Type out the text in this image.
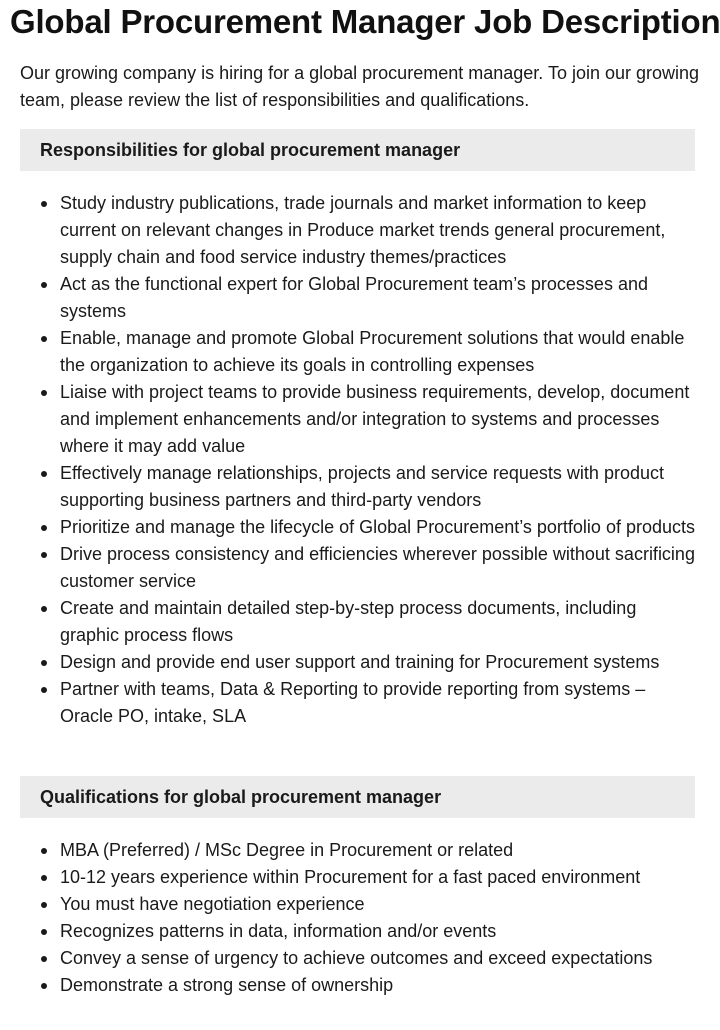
Global Procurement Manager Job Description

Our growing company is hiring for a global procurement manager. To join our growing team, please review the list of responsibilities and qualifications.

Responsibilities for global procurement manager
Study industry publications, trade journals and market information to keep current on relevant changes in Produce market trends general procurement, supply chain and food service industry themes/practices
Act as the functional expert for Global Procurement team’s processes and systems
Enable, manage and promote Global Procurement solutions that would enable the organization to achieve its goals in controlling expenses
Liaise with project teams to provide business requirements, develop, document and implement enhancements and/or integration to systems and processes where it may add value
Effectively manage relationships, projects and service requests with product supporting business partners and third-party vendors
Prioritize and manage the lifecycle of Global Procurement’s portfolio of products
Drive process consistency and efficiencies wherever possible without sacrificing customer service
Create and maintain detailed step-by-step process documents, including graphic process flows
Design and provide end user support and training for Procurement systems
Partner with teams, Data & Reporting to provide reporting from systems – Oracle PO, intake, SLA
Qualifications for global procurement manager
MBA (Preferred) / MSc Degree in Procurement or related
10-12 years experience within Procurement for a fast paced environment
You must have negotiation experience
Recognizes patterns in data, information and/or events
Convey a sense of urgency to achieve outcomes and exceed expectations
Demonstrate a strong sense of ownership
